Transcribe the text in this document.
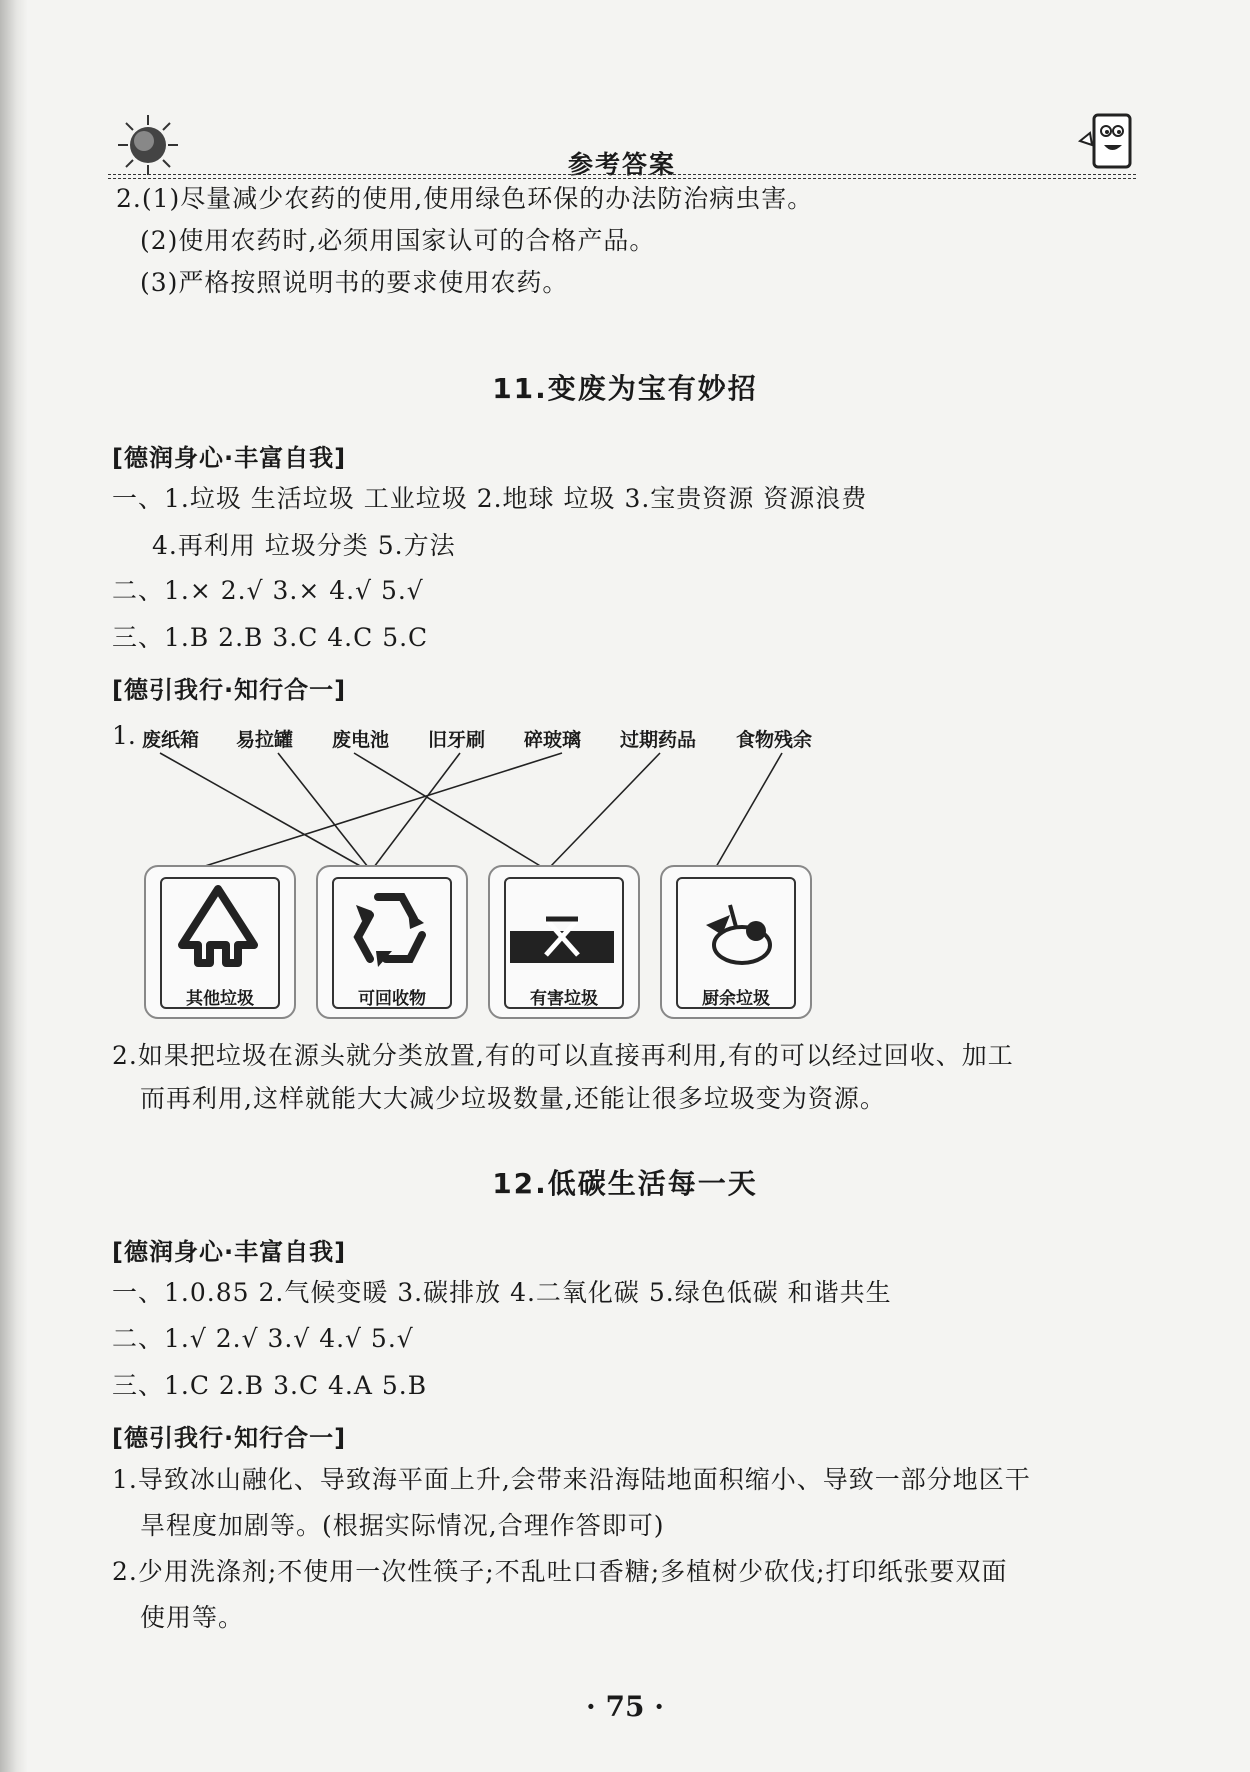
参考答案
2.(1)尽量减少农药的使用,使用绿色环保的办法防治病虫害。
(2)使用农药时,必须用国家认可的合格产品。
(3)严格按照说明书的要求使用农药。
11.变废为宝有妙招
[德润身心·丰富自我]
一、1.垃圾 生活垃圾 工业垃圾 2.地球 垃圾 3.宝贵资源 资源浪费
4.再利用 垃圾分类 5.方法
二、1.× 2.√ 3.× 4.√ 5.√
三、1.B 2.B 3.C 4.C 5.C
[德引我行·知行合一]
1. 废纸箱 易拉罐 废电池 旧牙刷 碎玻璃 过期药品 食物残余
其他垃圾	可回收物	有害垃圾	厨余垃圾
2.如果把垃圾在源头就分类放置,有的可以直接再利用,有的可以经过回收、加工
而再利用,这样就能大大减少垃圾数量,还能让很多垃圾变为资源。
12.低碳生活每一天
[德润身心·丰富自我]
一、1.0.85 2.气候变暖 3.碳排放 4.二氧化碳 5.绿色低碳 和谐共生
二、1.√ 2.√ 3.√ 4.√ 5.√
三、1.C 2.B 3.C 4.A 5.B
[德引我行·知行合一]
1.导致冰山融化、导致海平面上升,会带来沿海陆地面积缩小、导致一部分地区干
旱程度加剧等。(根据实际情况,合理作答即可)
2.少用洗涤剂;不使用一次性筷子;不乱吐口香糖;多植树少砍伐;打印纸张要双面
使用等。
· 75 ·
